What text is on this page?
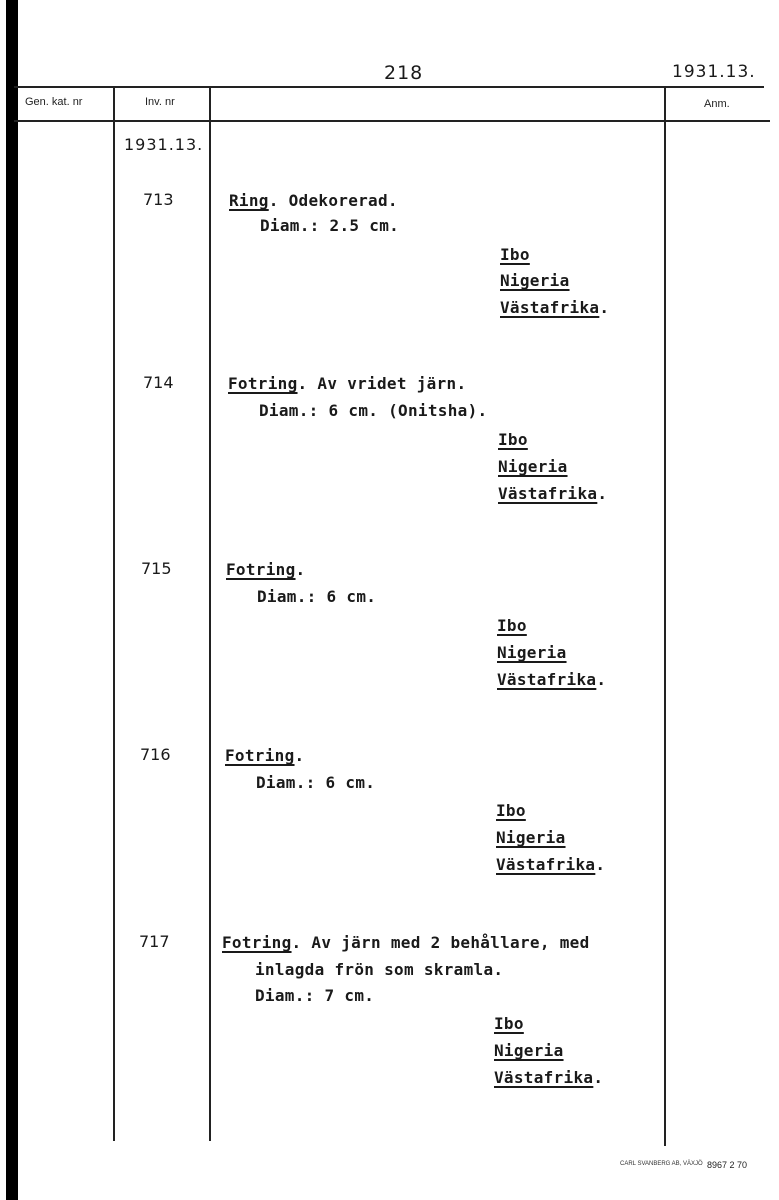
218	1931.13.
Gen. kat. nr	Inv. nr	Anm.
1931.13.
713	Ring. Odekorerad.
Diam.: 2.5 cm.
Ibo
Nigeria
Västafrika.
714	Fotring. Av vridet järn.
Diam.: 6 cm. (Onitsha).
Ibo
Nigeria
Västafrika.
715	Fotring.
Diam.: 6 cm.
Ibo
Nigeria
Västafrika.
716	Fotring.
Diam.: 6 cm.
Ibo
Nigeria
Västafrika.
717	Fotring. Av järn med 2 behållare, med
inlagda frön som skramla.
Diam.: 7 cm.
Ibo
Nigeria
Västafrika.
CARL SVANBERG AB, VÄXJÖ 8967 2 70
